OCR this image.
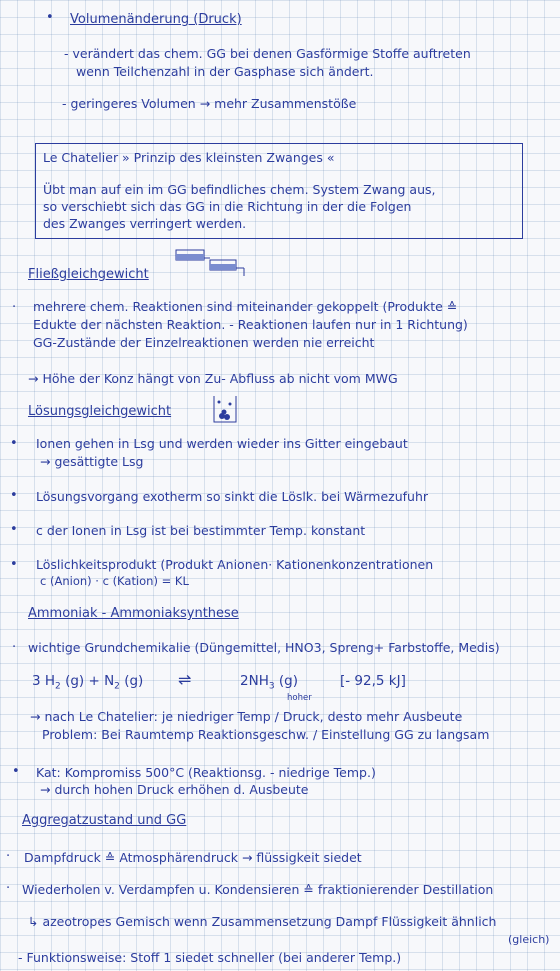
• Volumenänderung (Druck)
- verändert das chem. GG bei denen Gasförmige Stoffe auftreten
wenn Teilchenzahl in der Gasphase sich ändert.
- geringeres Volumen → mehr Zusammenstöße
Le Chatelier » Prinzip des kleinsten Zwanges «
Übt man auf ein im GG befindliches chem. System Zwang aus,
so verschiebt sich das GG in die Richtung in der die Folgen
des Zwanges verringert werden.
Fließgleichgewicht
· mehrere chem. Reaktionen sind miteinander gekoppelt (Produkte ≙
Edukte der nächsten Reaktion. - Reaktionen laufen nur in 1 Richtung)
GG-Zustände der Einzelreaktionen werden nie erreicht
→ Höhe der Konz hängt von Zu- Abfluss ab nicht vom MWG
Lösungsgleichgewicht
• Ionen gehen in Lsg und werden wieder ins Gitter eingebaut
→ gesättigte Lsg
• Lösungsvorgang exotherm so sinkt die Löslk. bei Wärmezufuhr
• c der Ionen in Lsg ist bei bestimmter Temp. konstant
• Löslichkeitsprodukt (Produkt Anionen· Kationenkonzentrationen
c (Anion) · c (Kation) = KL
Ammoniak - Ammoniaksynthese
· wichtige Grundchemikalie (Düngemittel, HNO3, Spreng+ Farbstoffe, Medis)
3 $H_2$ $(g) + N_2$ (g) ⇌	$2NH_3$ (g)	[- 92,5 kJ]
hoher
→ nach Le Chatelier: je niedriger Temp / Druck, desto mehr Ausbeute
Problem: Bei Raumtemp Reaktionsgeschw. / Einstellung GG zu langsam
• Kat: Kompromiss 500°C (Reaktionsg. - niedrige Temp.)
→ durch hohen Druck erhöhen d. Ausbeute
Aggregatzustand und GG
· Dampfdruck ≙ Atmosphärendruck → flüssigkeit siedet
· Wiederholen v. Verdampfen u. Kondensieren ≙ fraktionierender Destillation
↳ azeotropes Gemisch wenn Zusammensetzung Dampf Flüssigkeit ähnlich
(gleich)
- Funktionsweise: Stoff 1 siedet schneller (bei anderer Temp.)
